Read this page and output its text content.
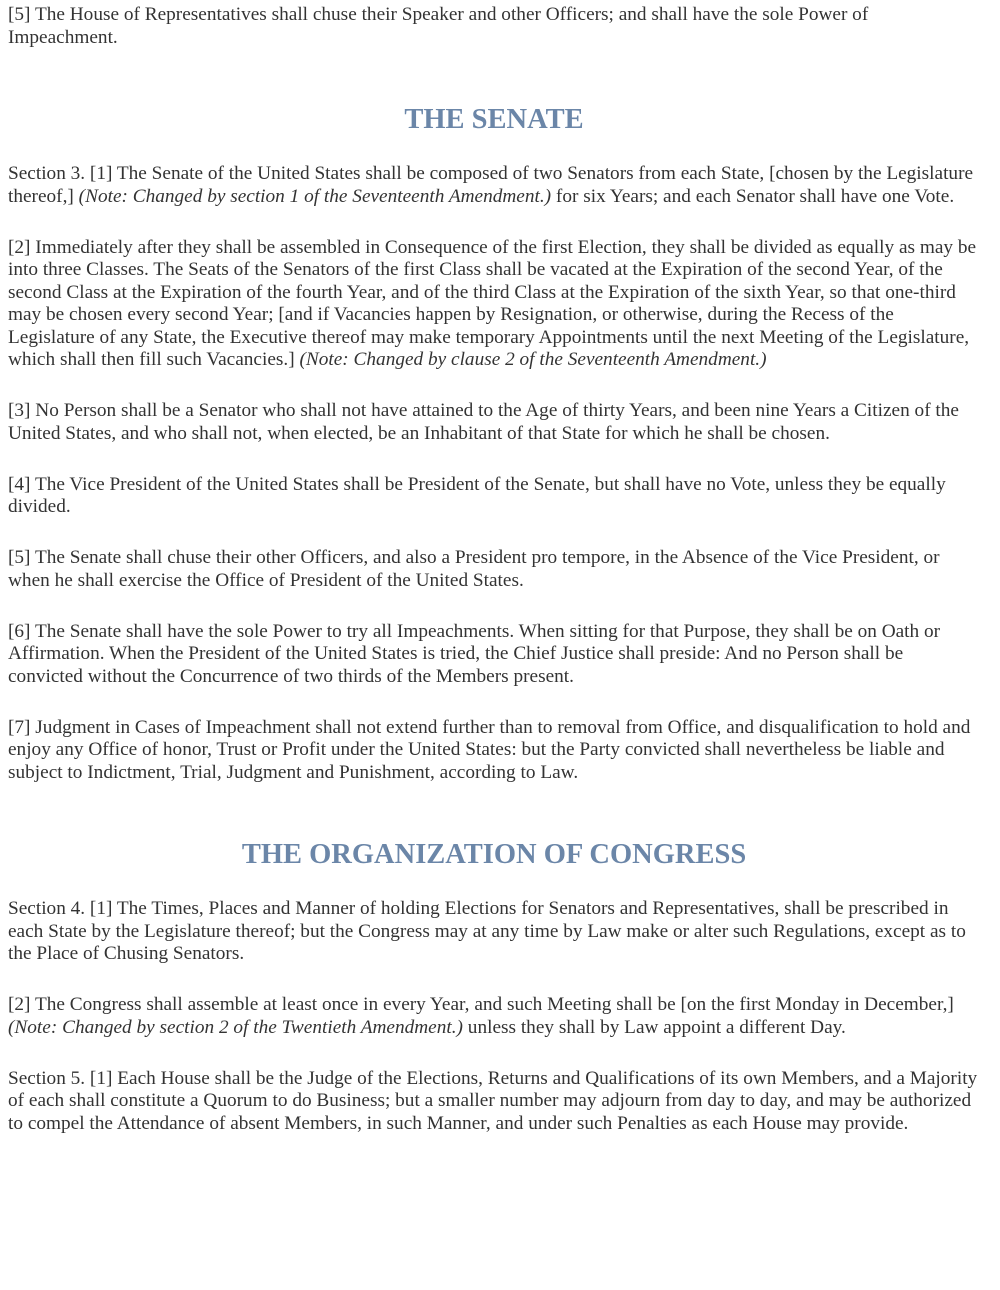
[5] The House of Representatives shall chuse their Speaker and other Officers; and shall have the sole Power of Impeachment.

THE SENATE

Section 3. [1] The Senate of the United States shall be composed of two Senators from each State, [chosen by the Legislature thereof,] (Note: Changed by section 1 of the Seventeenth Amendment.) for six Years; and each Senator shall have one Vote.

[2] Immediately after they shall be assembled in Consequence of the first Election, they shall be divided as equally as may be into three Classes. The Seats of the Senators of the first Class shall be vacated at the Expiration of the second Year, of the second Class at the Expiration of the fourth Year, and of the third Class at the Expiration of the sixth Year, so that one-third may be chosen every second Year; [and if Vacancies happen by Resignation, or otherwise, during the Recess of the Legislature of any State, the Executive thereof may make temporary Appointments until the next Meeting of the Legislature, which shall then fill such Vacancies.] (Note: Changed by clause 2 of the Seventeenth Amendment.)

[3] No Person shall be a Senator who shall not have attained to the Age of thirty Years, and been nine Years a Citizen of the United States, and who shall not, when elected, be an Inhabitant of that State for which he shall be chosen.

[4] The Vice President of the United States shall be President of the Senate, but shall have no Vote, unless they be equally divided.

[5] The Senate shall chuse their other Officers, and also a President pro tempore, in the Absence of the Vice President, or when he shall exercise the Office of President of the United States.

[6] The Senate shall have the sole Power to try all Impeachments. When sitting for that Purpose, they shall be on Oath or Affirmation. When the President of the United States is tried, the Chief Justice shall preside: And no Person shall be convicted without the Concurrence of two thirds of the Members present.

[7] Judgment in Cases of Impeachment shall not extend further than to removal from Office, and disqualification to hold and enjoy any Office of honor, Trust or Profit under the United States: but the Party convicted shall nevertheless be liable and subject to Indictment, Trial, Judgment and Punishment, according to Law.

THE ORGANIZATION OF CONGRESS

Section 4. [1] The Times, Places and Manner of holding Elections for Senators and Representatives, shall be prescribed in each State by the Legislature thereof; but the Congress may at any time by Law make or alter such Regulations, except as to the Place of Chusing Senators.

[2] The Congress shall assemble at least once in every Year, and such Meeting shall be [on the first Monday in December,] (Note: Changed by section 2 of the Twentieth Amendment.) unless they shall by Law appoint a different Day.

Section 5. [1] Each House shall be the Judge of the Elections, Returns and Qualifications of its own Members, and a Majority of each shall constitute a Quorum to do Business; but a smaller number may adjourn from day to day, and may be authorized to compel the Attendance of absent Members, in such Manner, and under such Penalties as each House may provide.
